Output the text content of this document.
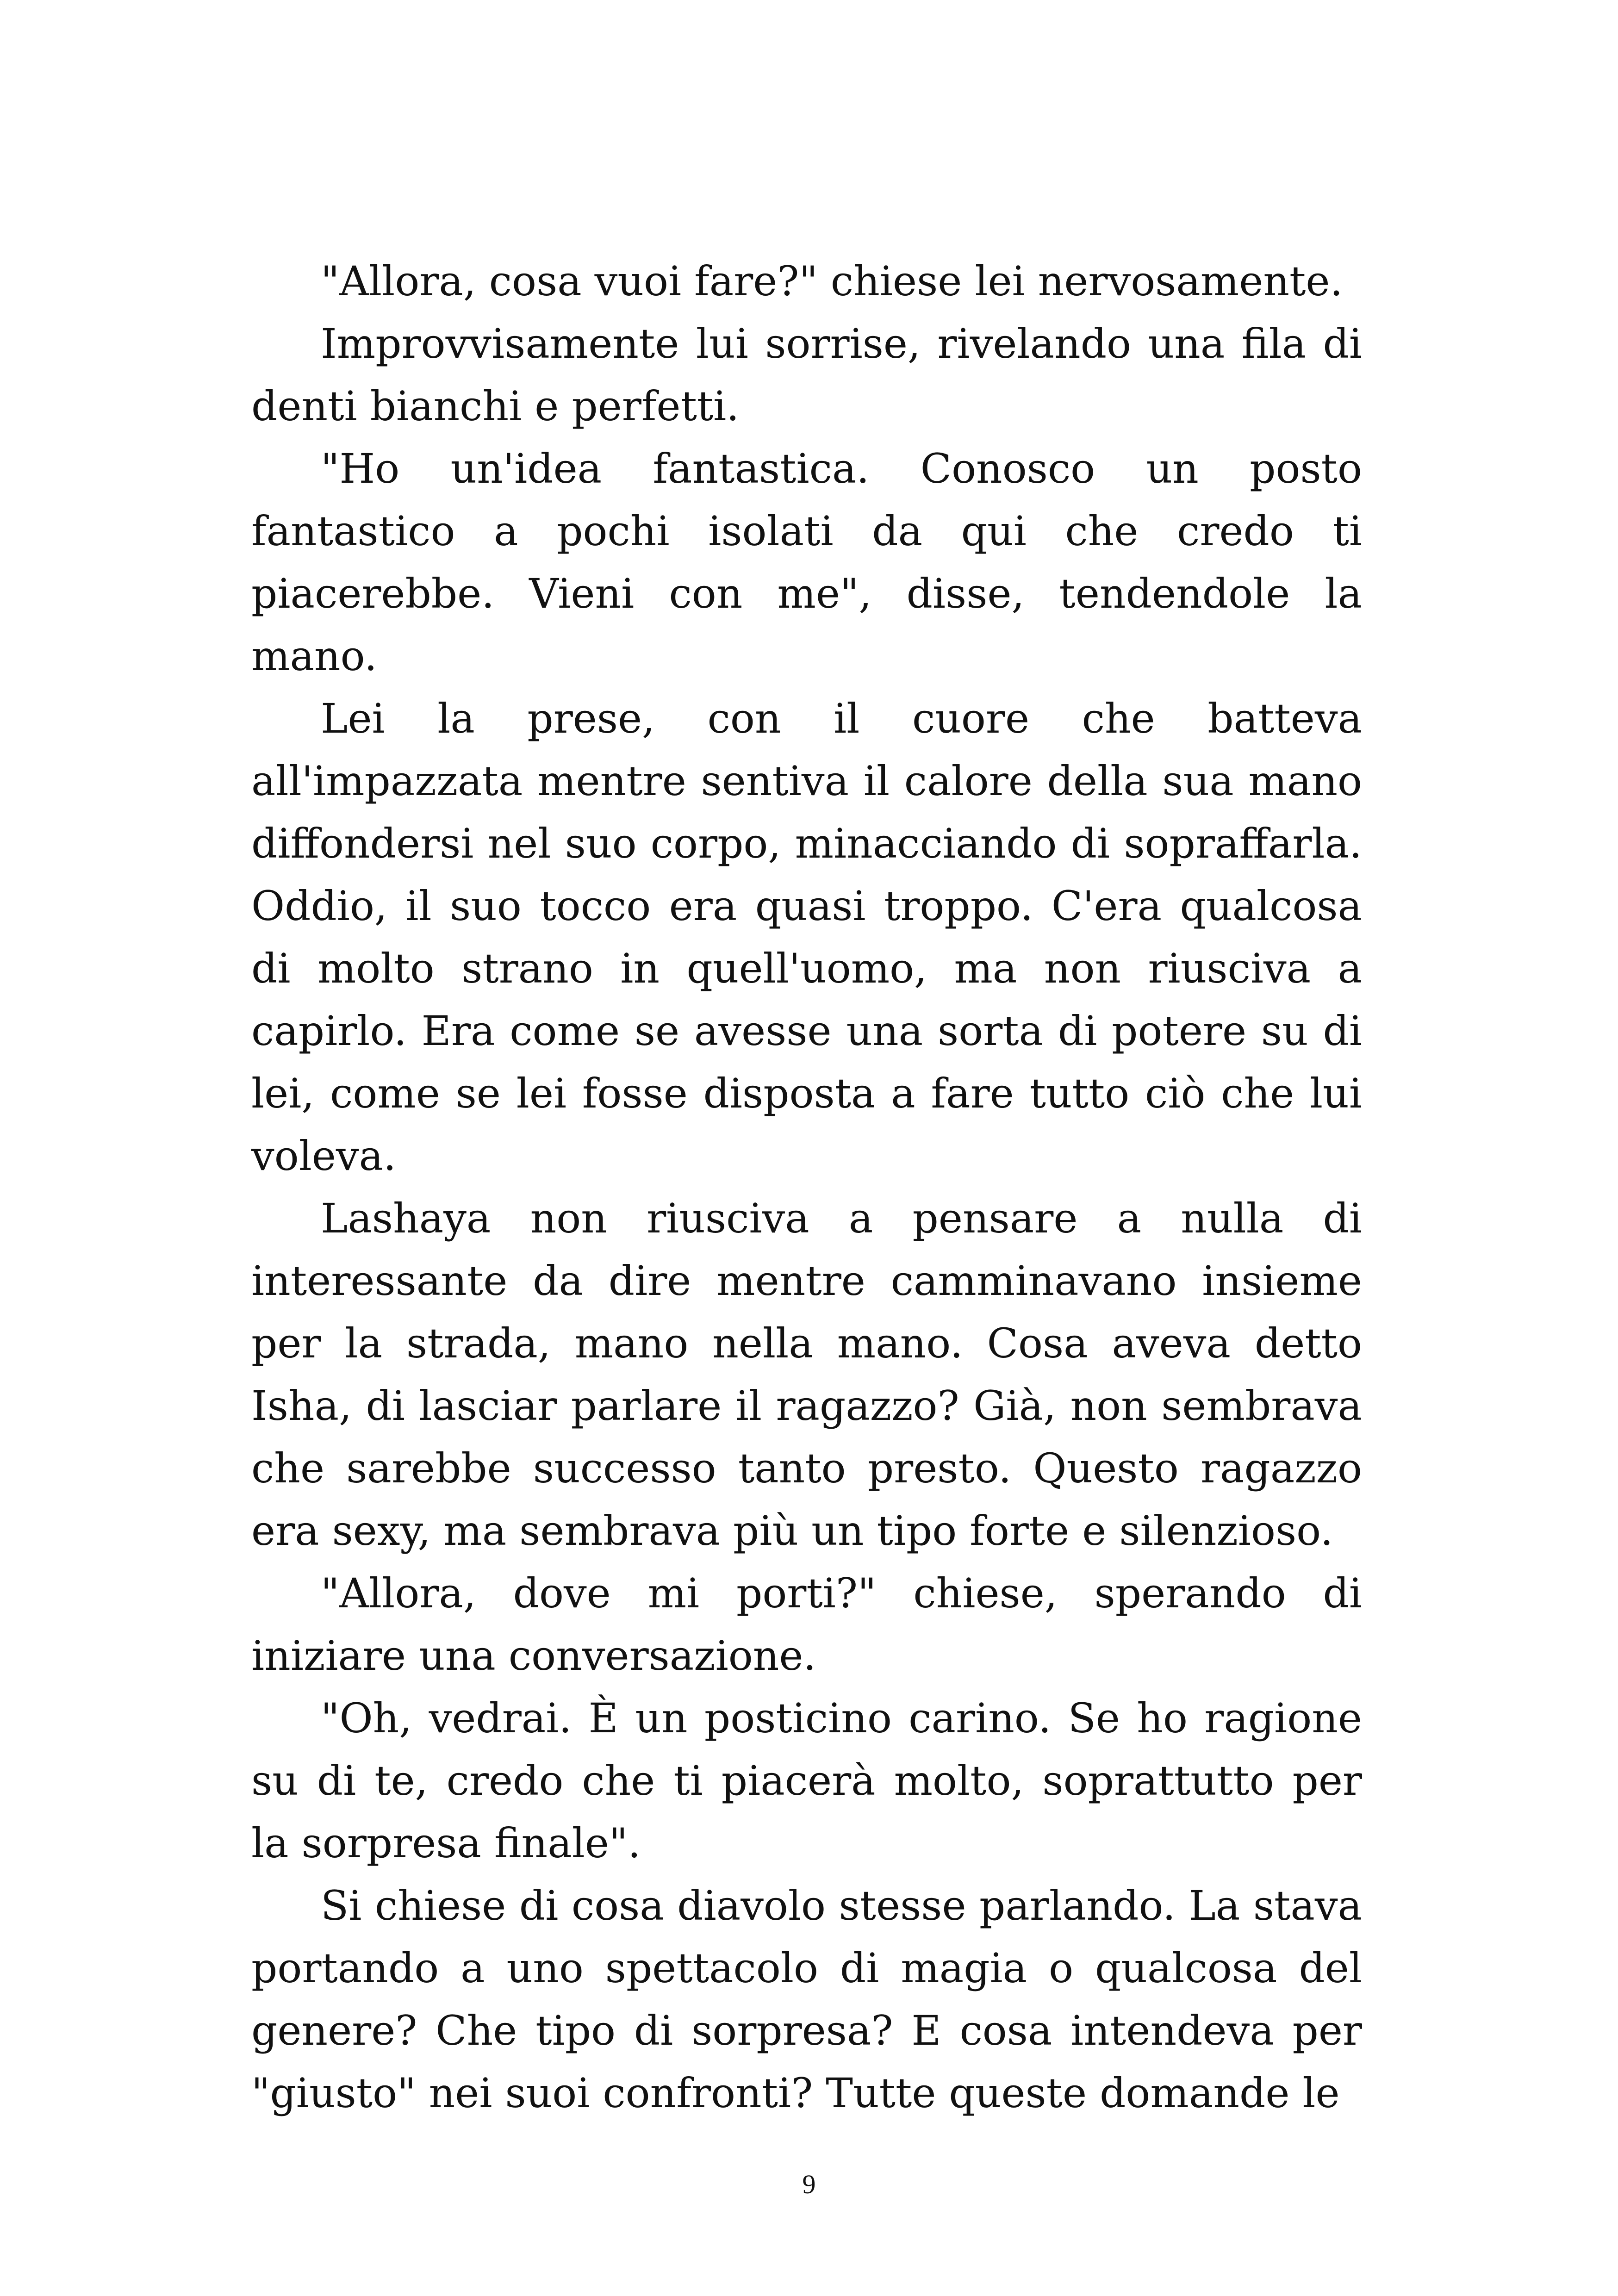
"Allora, cosa vuoi fare?" chiese lei nervosamente.

Improvvisamente lui sorrise, rivelando una fila di denti bianchi e perfetti.

"Ho un'idea fantastica. Conosco un posto fantastico a pochi isolati da qui che credo ti piacerebbe. Vieni con me", disse, tendendole la mano.

Lei la prese, con il cuore che batteva all'impazzata mentre sentiva il calore della sua mano diffondersi nel suo corpo, minacciando di sopraffarla. Oddio, il suo tocco era quasi troppo. C'era qualcosa di molto strano in quell'uomo, ma non riusciva a capirlo. Era come se avesse una sorta di potere su di lei, come se lei fosse disposta a fare tutto ciò che lui voleva.

Lashaya non riusciva a pensare a nulla di interessante da dire mentre camminavano insieme per la strada, mano nella mano. Cosa aveva detto Isha, di lasciar parlare il ragazzo? Già, non sembrava che sarebbe successo tanto presto. Questo ragazzo era sexy, ma sembrava più un tipo forte e silenzioso.

"Allora, dove mi porti?" chiese, sperando di iniziare una conversazione.

"Oh, vedrai. È un posticino carino. Se ho ragione su di te, credo che ti piacerà molto, soprattutto per la sorpresa finale".

Si chiese di cosa diavolo stesse parlando. La stava portando a uno spettacolo di magia o qualcosa del genere? Che tipo di sorpresa? E cosa intendeva per "giusto" nei suoi confronti? Tutte queste domande le

9
